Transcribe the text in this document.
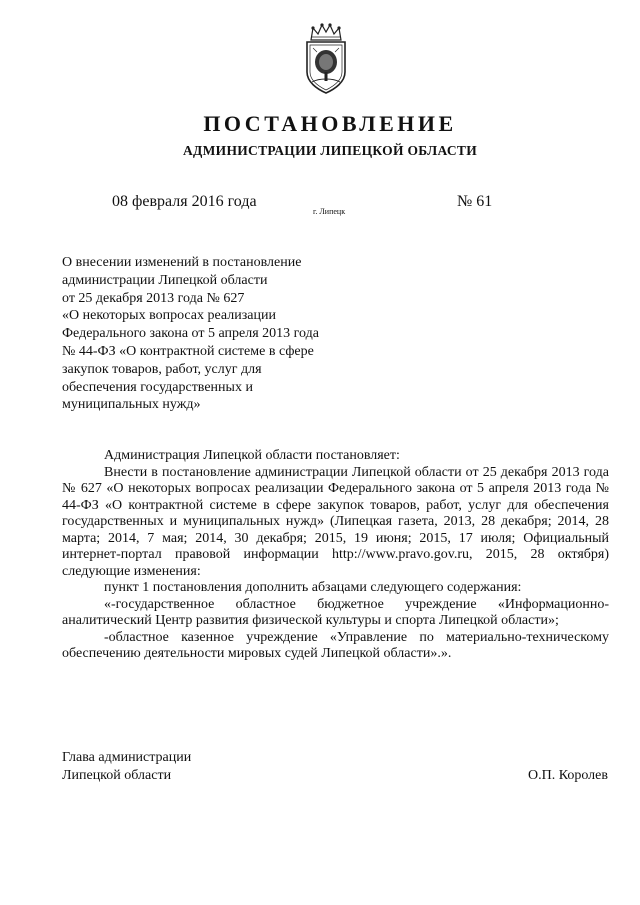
ПОСТАНОВЛЕНИЕ
АДМИНИСТРАЦИИ ЛИПЕЦКОЙ ОБЛАСТИ
08 февраля 2016 года
г. Липецк
№ 61
О внесении изменений в постановление
администрации Липецкой области
от 25 декабря 2013 года № 627
«О некоторых вопросах реализации
Федерального закона от 5 апреля 2013 года
№ 44-ФЗ «О контрактной системе в сфере
закупок товаров, работ, услуг для
обеспечения государственных и
муниципальных нужд»

Администрация Липецкой области постановляет:

Внести в постановление администрации Липецкой области от 25 декабря 2013 года № 627 «О некоторых вопросах реализации Федерального закона от 5 апреля 2013 года № 44-ФЗ «О контрактной системе в сфере закупок товаров, работ, услуг для обеспечения государственных и муниципальных нужд» (Липецкая газета, 2013, 28 декабря; 2014, 28 марта; 2014, 7 мая; 2014, 30 декабря; 2015, 19 июня; 2015, 17 июля; Официальный интернет-портал правовой информации http://www.pravo.gov.ru, 2015, 28 октября) следующие изменения:

пункт 1 постановления дополнить абзацами следующего содержания:

«-государственное областное бюджетное учреждение «Информационно-аналитический Центр развития физической культуры и спорта Липецкой области»;

-областное казенное учреждение «Управление по материально-техническому обеспечению деятельности мировых судей Липецкой области».».

Глава администрации
Липецкой области	О.П. Королев
